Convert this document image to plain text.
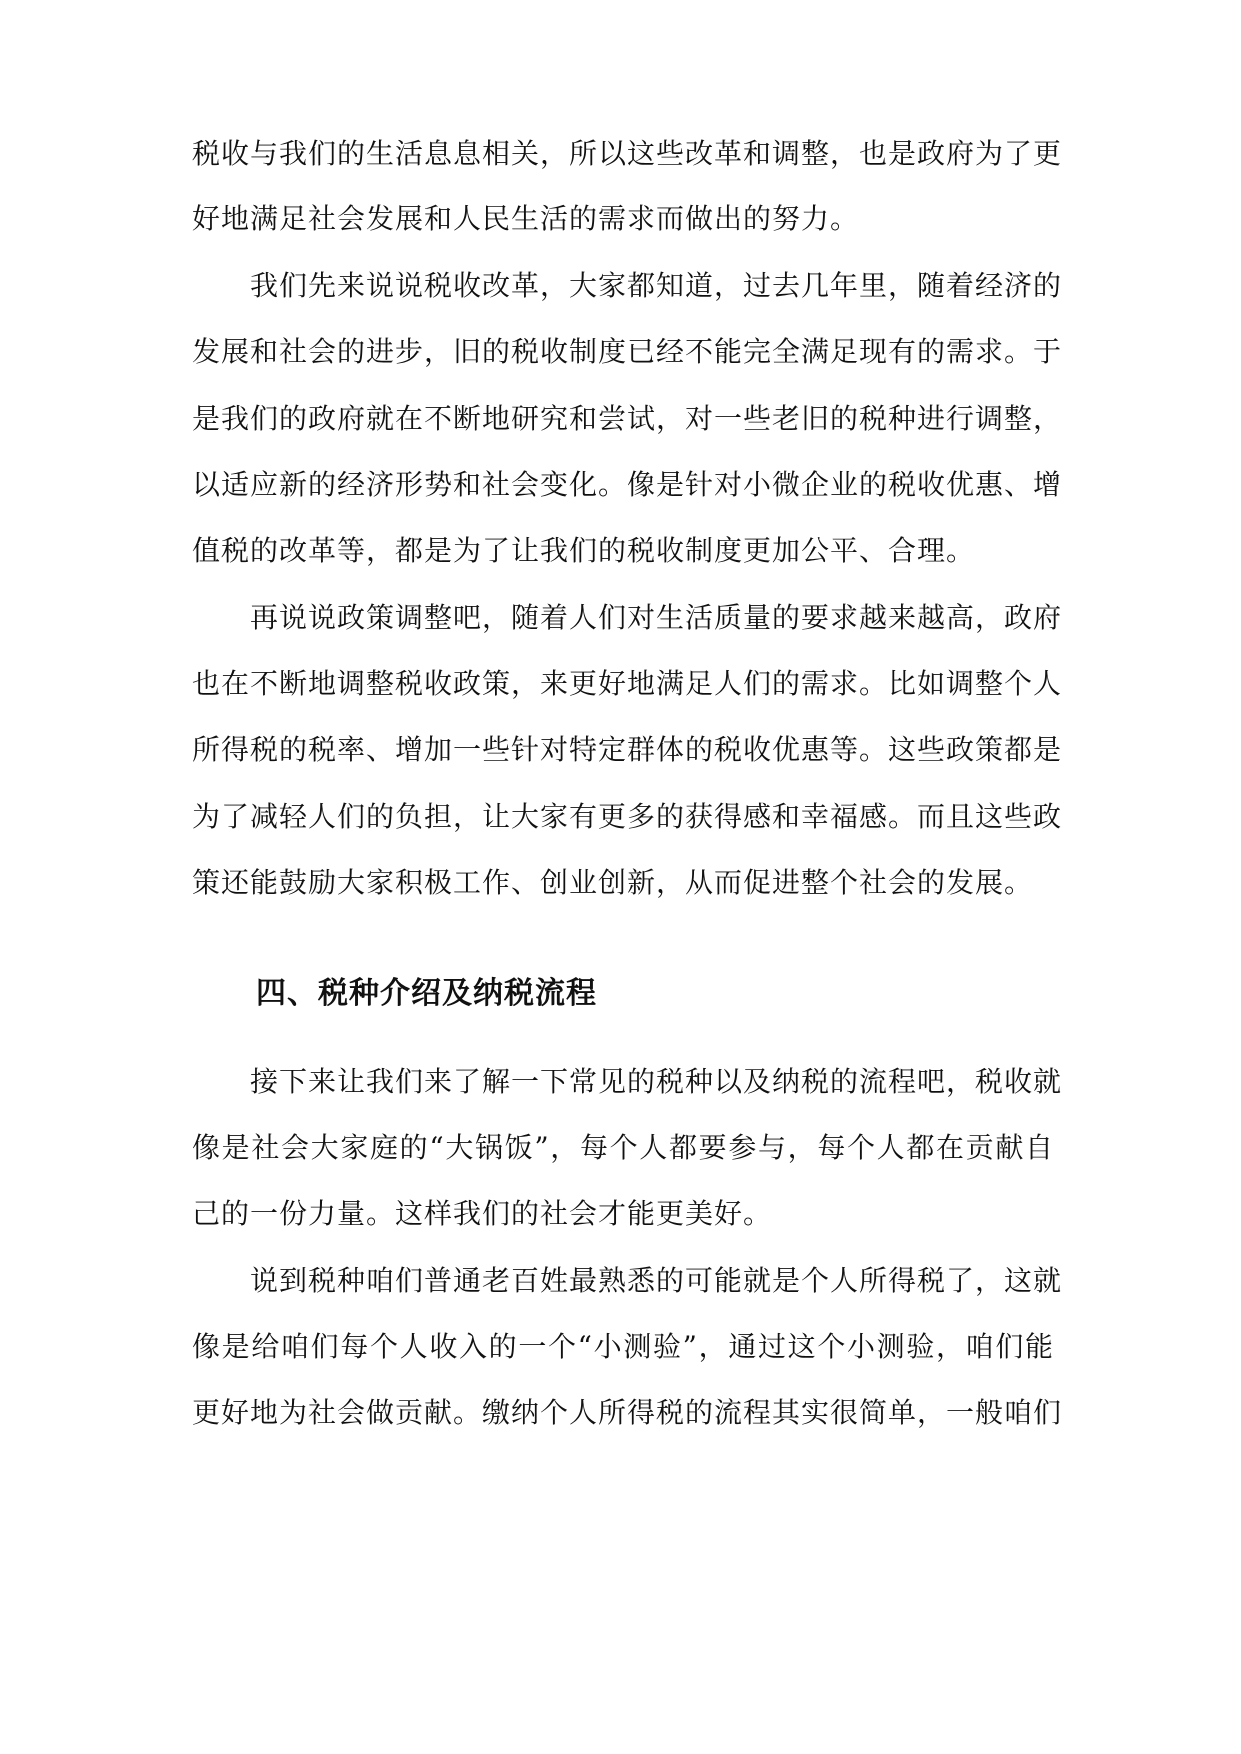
税收与我们的生活息息相关，所以这些改革和调整，也是政府为了更

好地满足社会发展和人民生活的需求而做出的努力。

我们先来说说税收改革，大家都知道，过去几年里，随着经济的

发展和社会的进步，旧的税收制度已经不能完全满足现有的需求。于

是我们的政府就在不断地研究和尝试，对一些老旧的税种进行调整，

以适应新的经济形势和社会变化。像是针对小微企业的税收优惠、增

值税的改革等，都是为了让我们的税收制度更加公平、合理。

再说说政策调整吧，随着人们对生活质量的要求越来越高，政府

也在不断地调整税收政策，来更好地满足人们的需求。比如调整个人

所得税的税率、增加一些针对特定群体的税收优惠等。这些政策都是

为了减轻人们的负担，让大家有更多的获得感和幸福感。而且这些政

策还能鼓励大家积极工作、创业创新，从而促进整个社会的发展。

四、税种介绍及纳税流程

接下来让我们来了解一下常见的税种以及纳税的流程吧，税收就

像是社会大家庭的“大锅饭”，每个人都要参与，每个人都在贡献自

己的一份力量。这样我们的社会才能更美好。

说到税种咱们普通老百姓最熟悉的可能就是个人所得税了，这就

像是给咱们每个人收入的一个“小测验”，通过这个小测验，咱们能

更好地为社会做贡献。缴纳个人所得税的流程其实很简单，一般咱们
